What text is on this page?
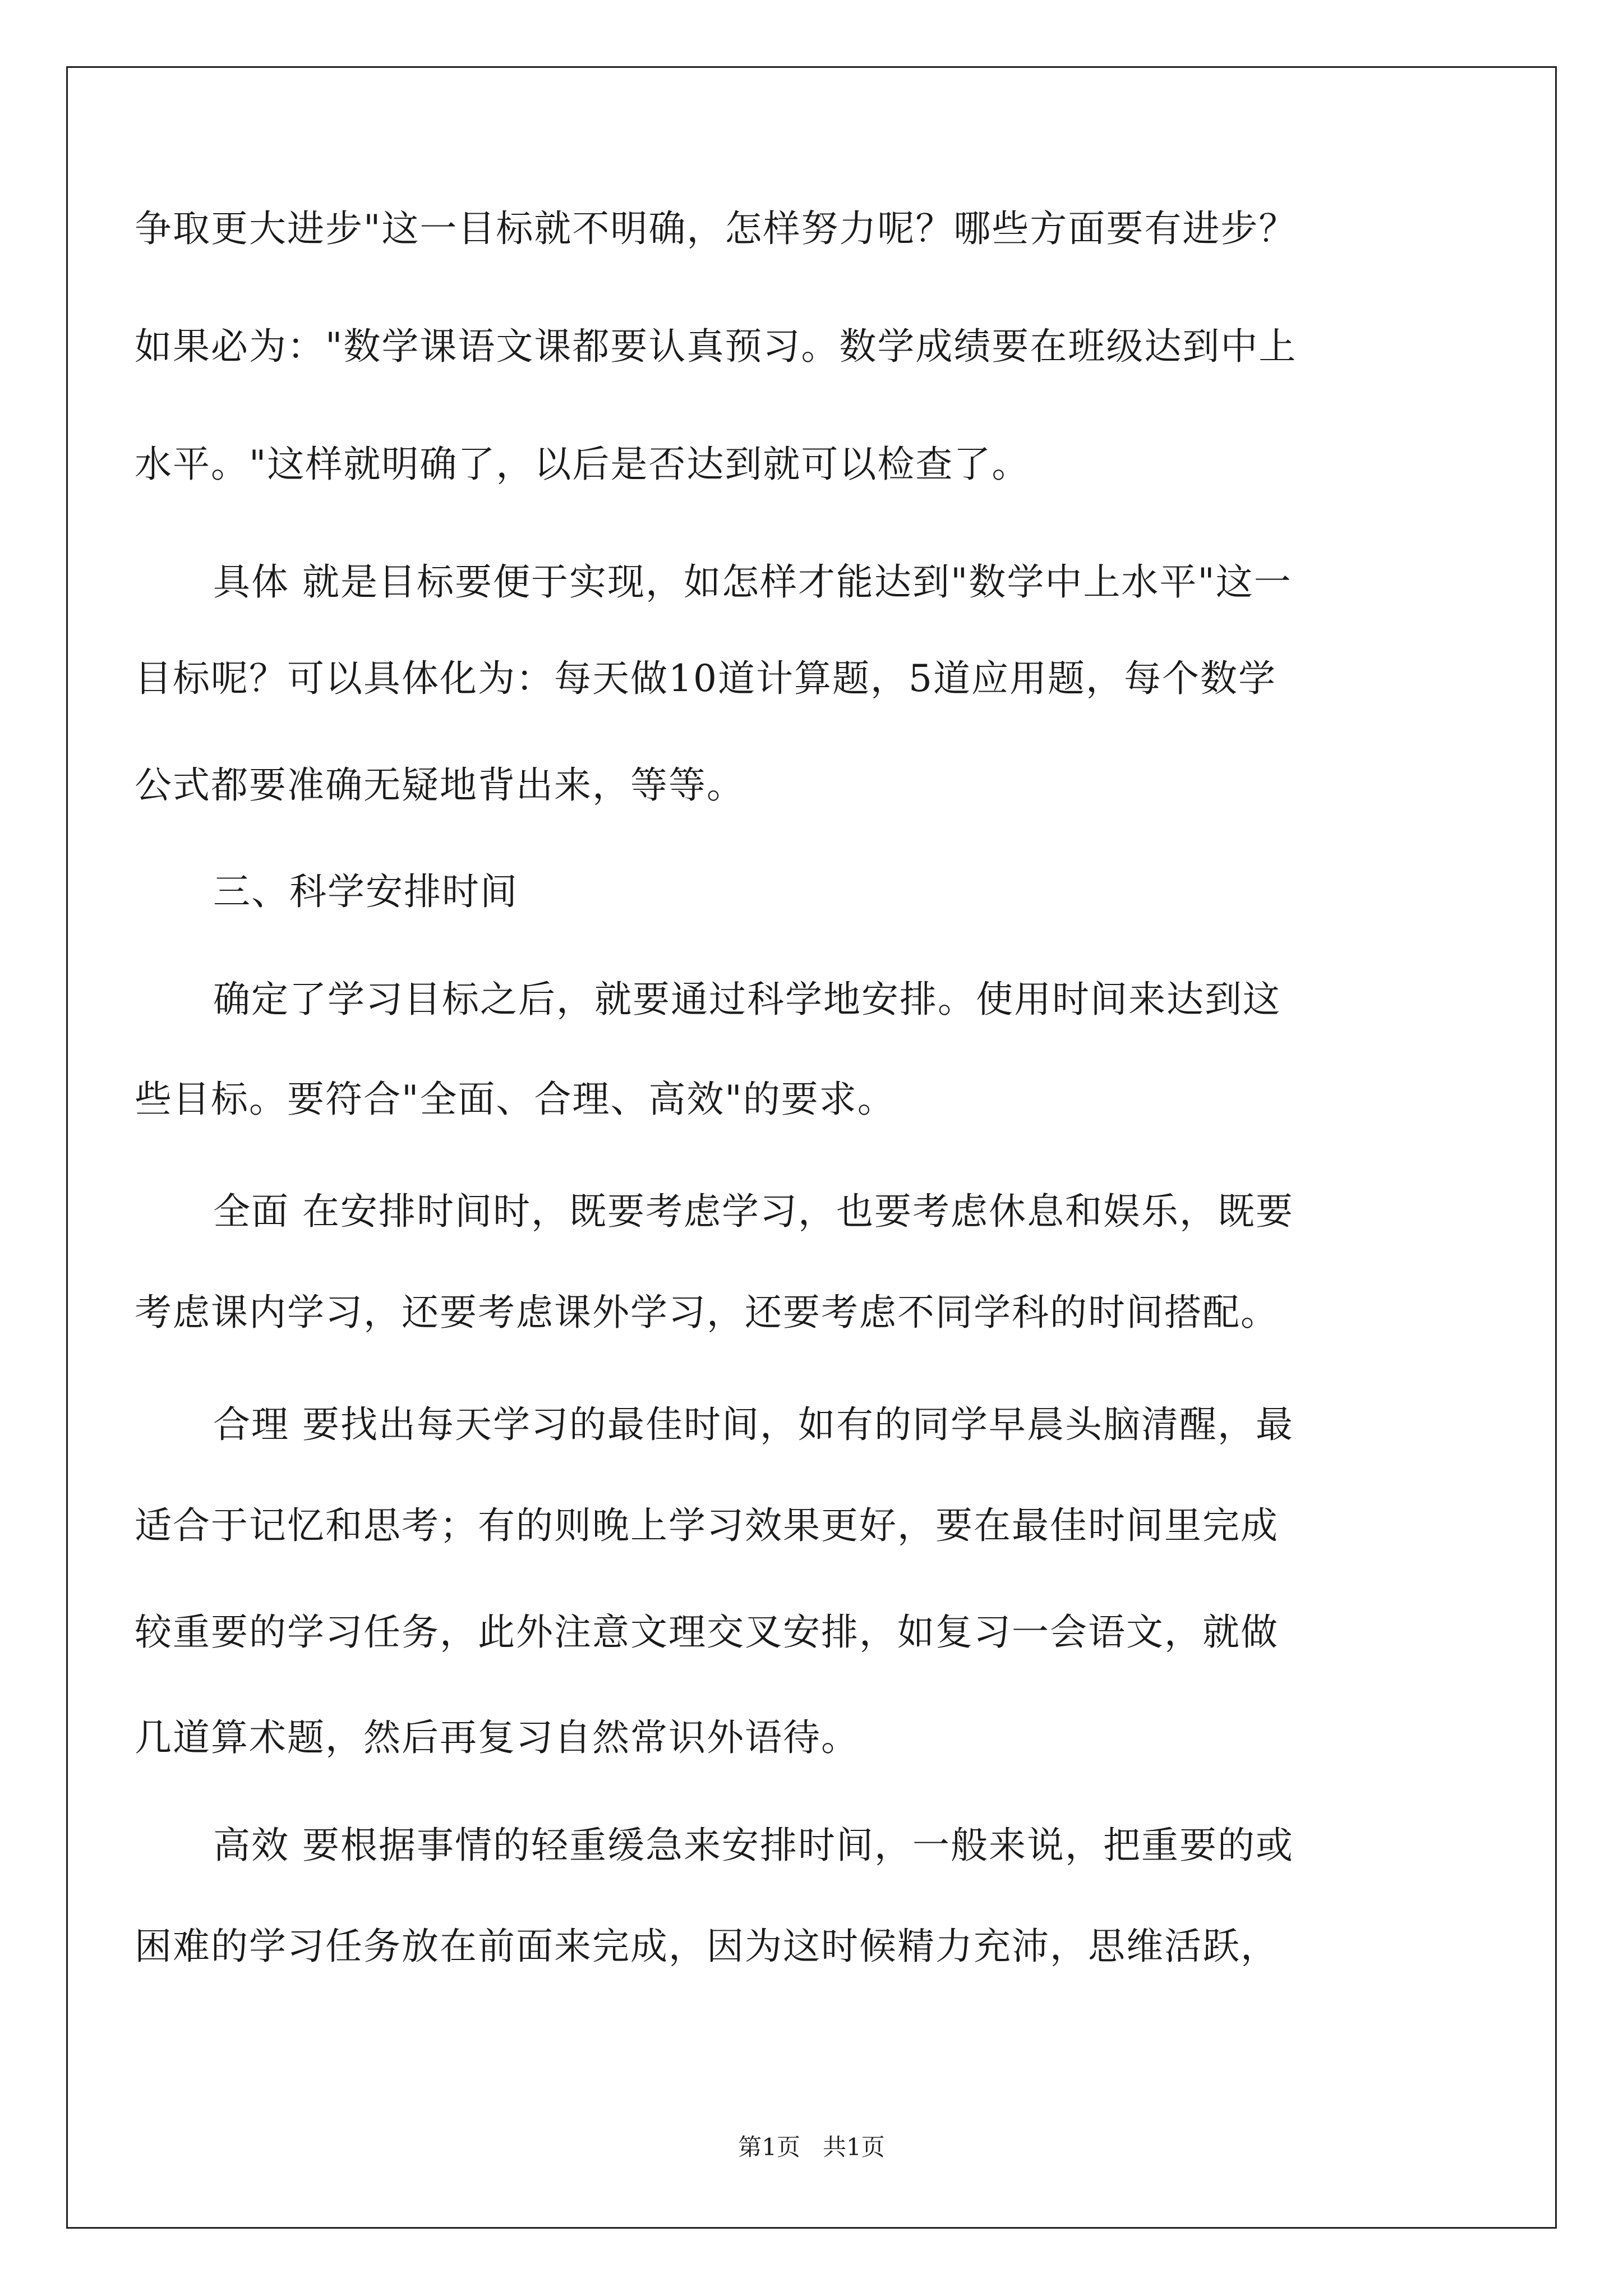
争取更大进步"这一目标就不明确，怎样努力呢？哪些方面要有进步？
如果必为："数学课语文课都要认真预习。数学成绩要在班级达到中上
水平。"这样就明确了，以后是否达到就可以检查了。
具体 就是目标要便于实现，如怎样才能达到"数学中上水平"这一
目标呢？可以具体化为：每天做10道计算题，5道应用题，每个数学
公式都要准确无疑地背出来，等等。
三、科学安排时间
确定了学习目标之后，就要通过科学地安排。使用时间来达到这
些目标。要符合"全面、合理、高效"的要求。
全面 在安排时间时，既要考虑学习，也要考虑休息和娱乐，既要
考虑课内学习，还要考虑课外学习，还要考虑不同学科的时间搭配。
合理 要找出每天学习的最佳时间，如有的同学早晨头脑清醒，最
适合于记忆和思考；有的则晚上学习效果更好，要在最佳时间里完成
较重要的学习任务，此外注意文理交叉安排，如复习一会语文，就做
几道算术题，然后再复习自然常识外语待。
高效 要根据事情的轻重缓急来安排时间，一般来说，把重要的或
困难的学习任务放在前面来完成，因为这时候精力充沛，思维活跃，
第1页 共1页
